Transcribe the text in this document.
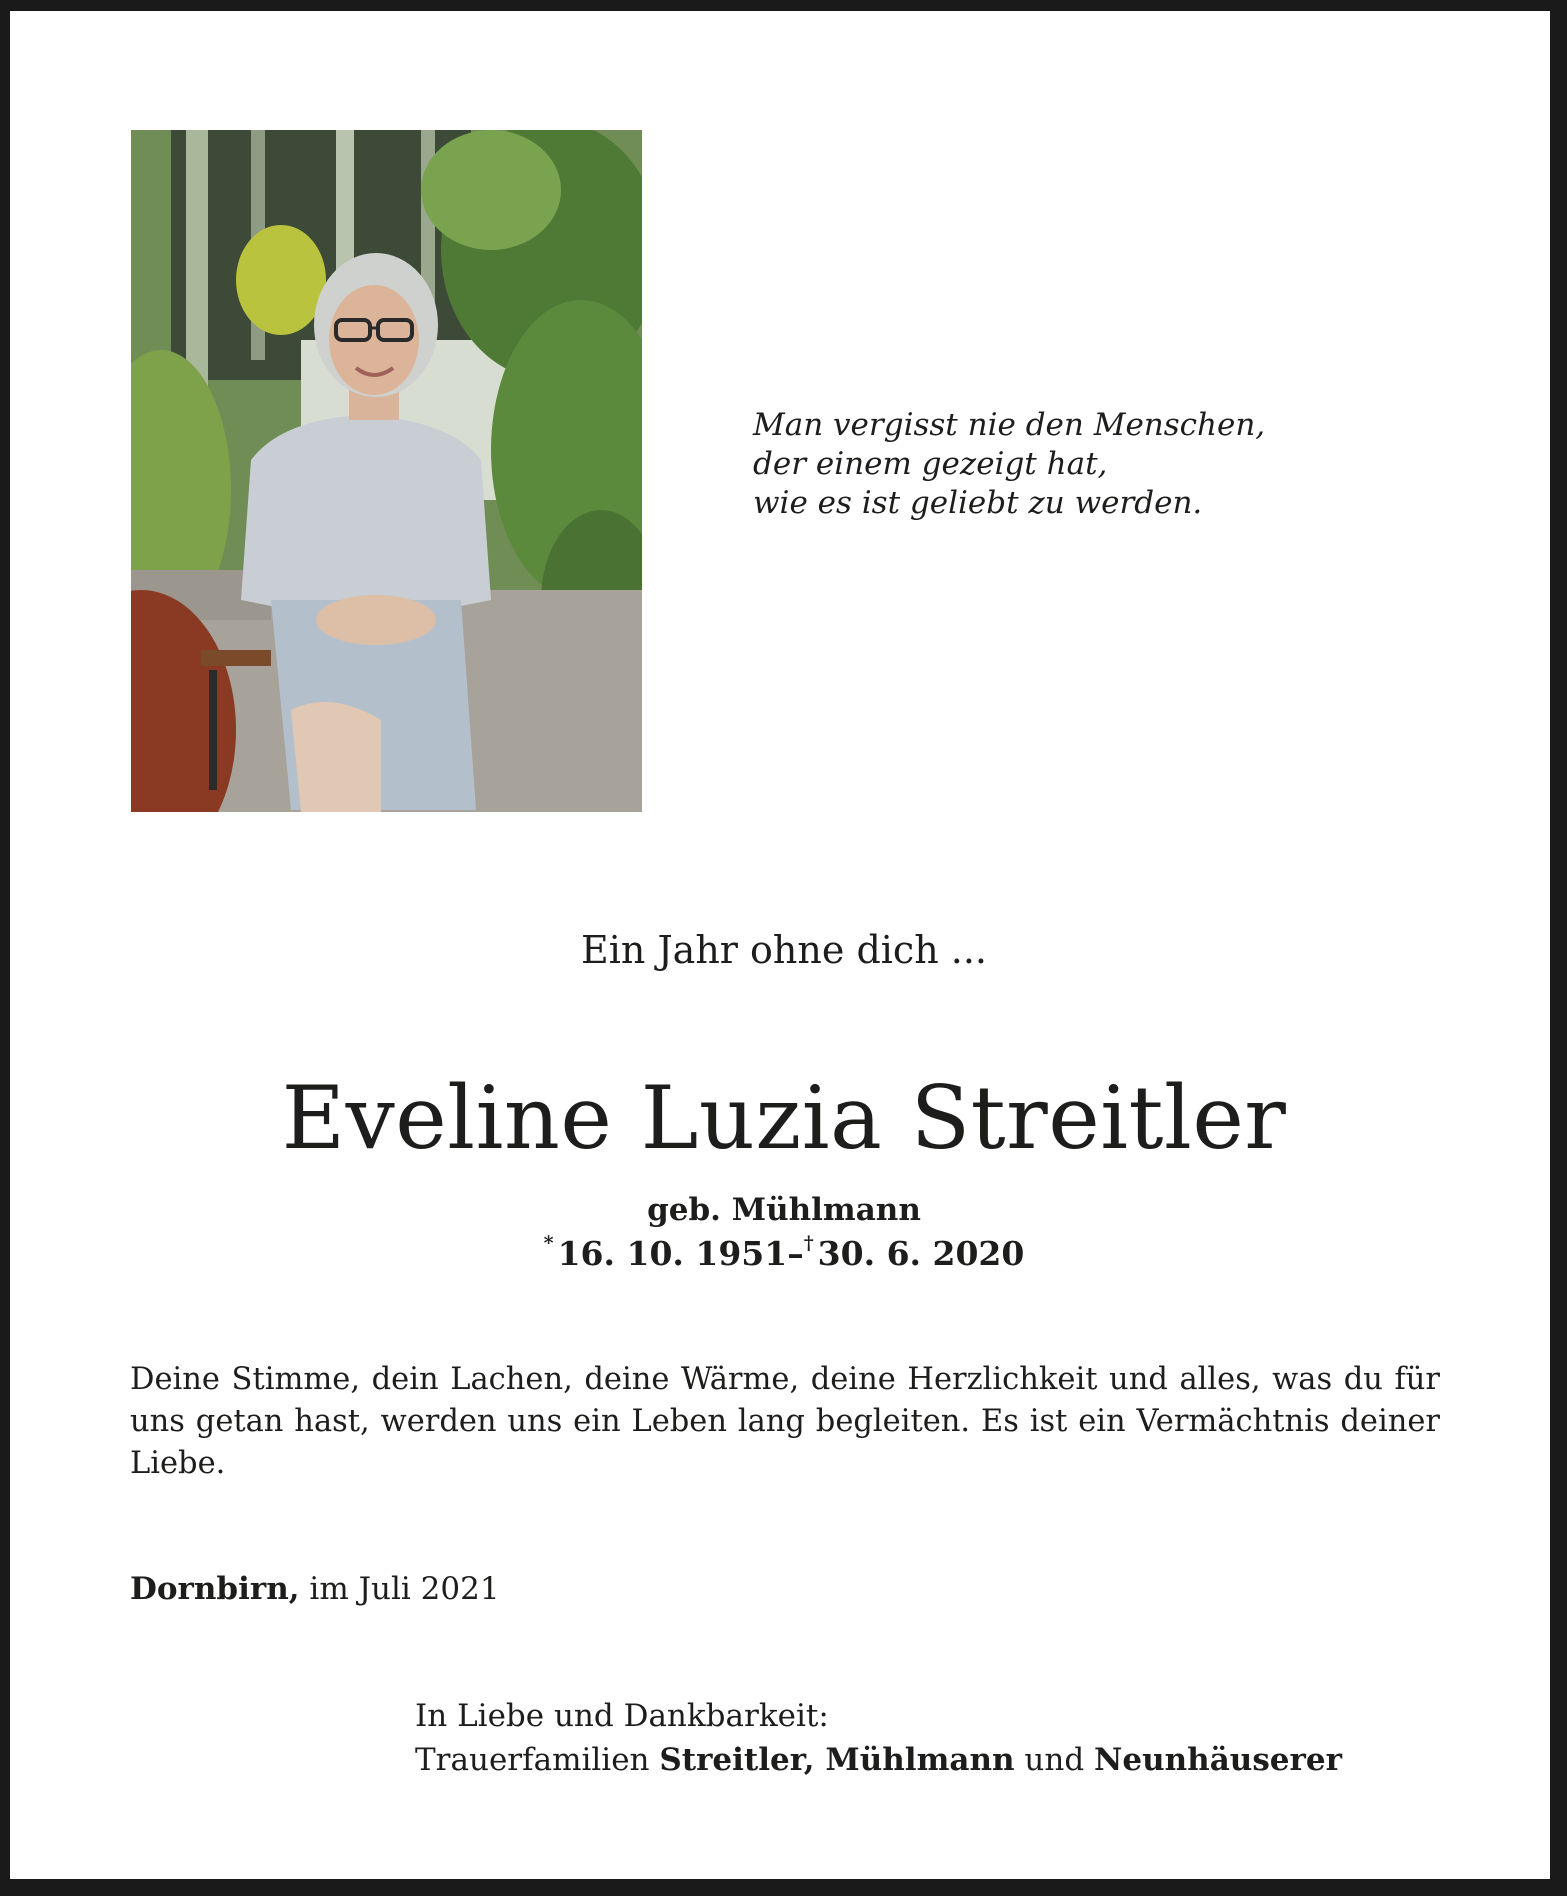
Man vergisst nie den Menschen,
der einem gezeigt hat,
wie es ist geliebt zu werden.
Ein Jahr ohne dich ...
Eveline Luzia Streitler
geb. Mühlmann
* 16. 10. 1951–† 30. 6. 2020
Deine Stimme, dein Lachen, deine Wärme, deine Herzlichkeit und alles, was du für uns getan hast, werden uns ein Leben lang begleiten. Es ist ein Vermächtnis deiner Liebe.
Dornbirn, im Juli 2021
In Liebe und Dankbarkeit:
Trauerfamilien Streitler, Mühlmann und Neunhäuserer
